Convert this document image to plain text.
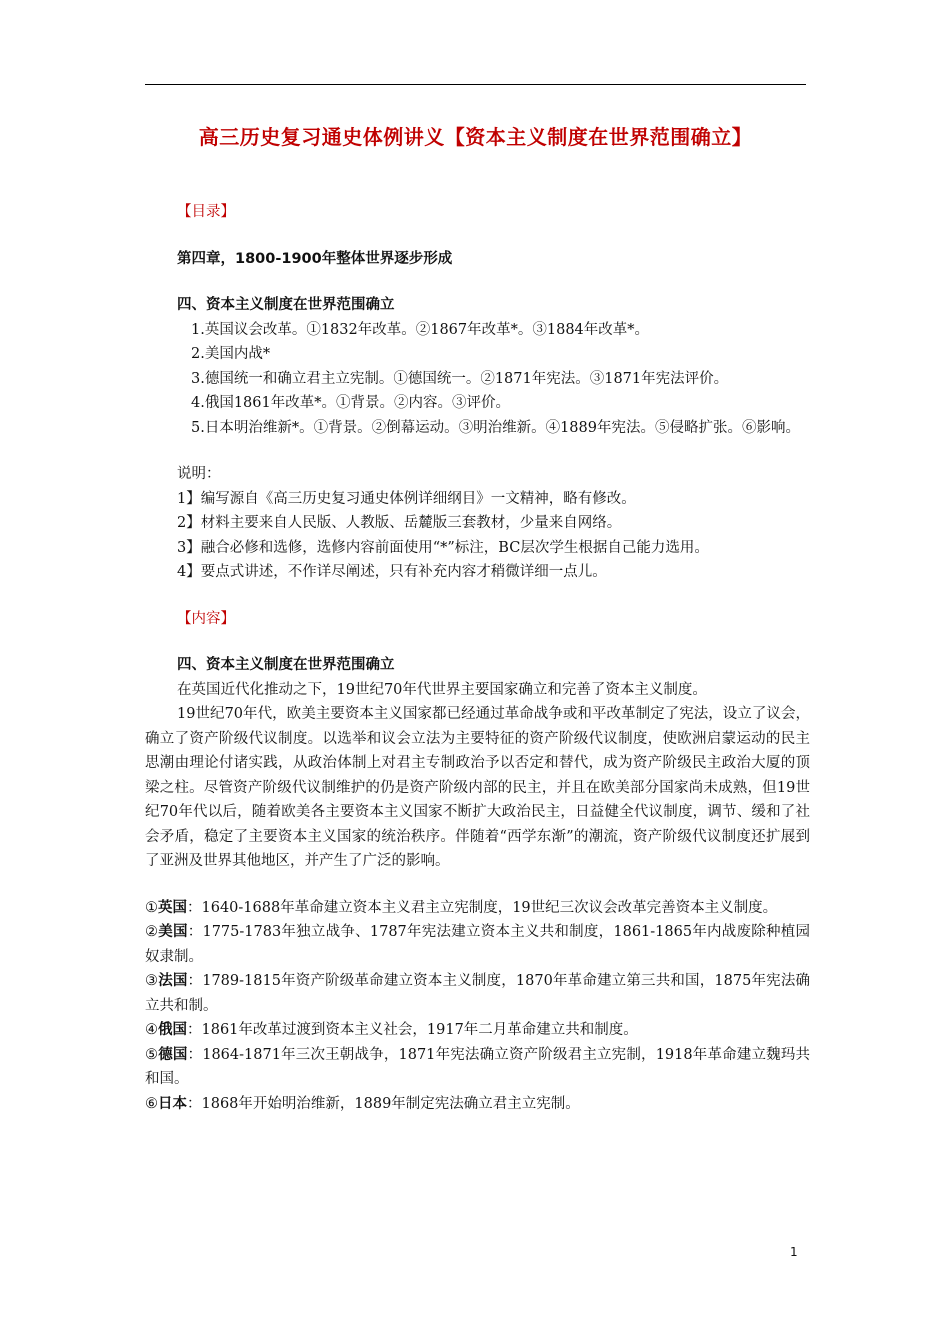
高三历史复习通史体例讲义【资本主义制度在世界范围确立】
【目录】
第四章，1800-1900年整体世界逐步形成
四、资本主义制度在世界范围确立
1.英国议会改革。①1832年改革。②1867年改革*。③1884年改革*。
2.美国内战*
3.德国统一和确立君主立宪制。①德国统一。②1871年宪法。③1871年宪法评价。
4.俄国1861年改革*。①背景。②内容。③评价。
5.日本明治维新*。①背景。②倒幕运动。③明治维新。④1889年宪法。⑤侵略扩张。⑥影响。
说明：
1】编写源自《高三历史复习通史体例详细纲目》一文精神，略有修改。
2】材料主要来自人民版、人教版、岳麓版三套教材，少量来自网络。
3】融合必修和选修，选修内容前面使用“*”标注，BC层次学生根据自己能力选用。
4】要点式讲述，不作详尽阐述，只有补充内容才稍微详细一点儿。
【内容】
四、资本主义制度在世界范围确立
在英国近代化推动之下，19世纪70年代世界主要国家确立和完善了资本主义制度。
19世纪70年代，欧美主要资本主义国家都已经通过革命战争或和平改革制定了宪法，设立了议会，确立了资产阶级代议制度。以选举和议会立法为主要特征的资产阶级代议制度，使欧洲启蒙运动的民主思潮由理论付诸实践，从政治体制上对君主专制政治予以否定和替代，成为资产阶级民主政治大厦的顶梁之柱。尽管资产阶级代议制维护的仍是资产阶级内部的民主，并且在欧美部分国家尚未成熟，但19世纪70年代以后，随着欧美各主要资本主义国家不断扩大政治民主，日益健全代议制度，调节、缓和了社会矛盾，稳定了主要资本主义国家的统治秩序。伴随着“西学东渐”的潮流，资产阶级代议制度还扩展到了亚洲及世界其他地区，并产生了广泛的影响。
①英国：1640-1688年革命建立资本主义君主立宪制度，19世纪三次议会改革完善资本主义制度。
②美国：1775-1783年独立战争、1787年宪法建立资本主义共和制度，1861-1865年内战废除种植园奴隶制。
③法国：1789-1815年资产阶级革命建立资本主义制度，1870年革命建立第三共和国，1875年宪法确立共和制。
④俄国：1861年改革过渡到资本主义社会，1917年二月革命建立共和制度。
⑤德国：1864-1871年三次王朝战争，1871年宪法确立资产阶级君主立宪制，1918年革命建立魏玛共和国。
⑥日本：1868年开始明治维新，1889年制定宪法确立君主立宪制。
1
